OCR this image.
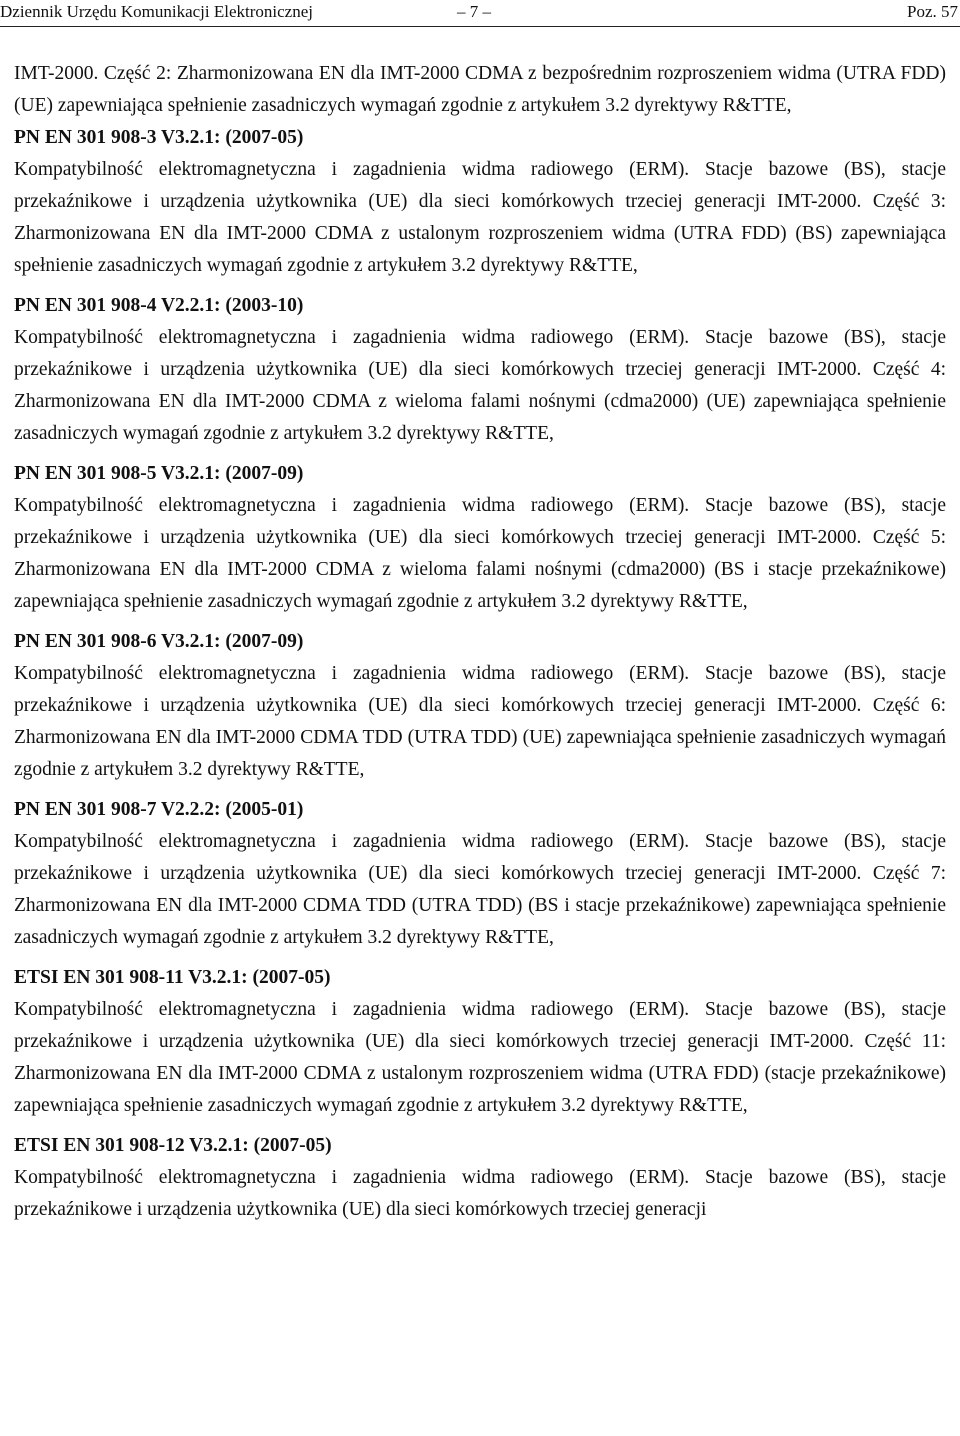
Dziennik Urzędu Komunikacji Elektronicznej	– 7 –	Poz. 57

IMT-2000. Część 2: Zharmonizowana EN dla IMT-2000 CDMA z bezpośrednim rozproszeniem widma (UTRA FDD) (UE) zapewniająca spełnienie zasadniczych wymagań zgodnie z artykułem 3.2 dyrektywy R&TTE,

PN EN 301 908-3 V3.2.1: (2007-05)

Kompatybilność elektromagnetyczna i zagadnienia widma radiowego (ERM). Stacje bazowe (BS), stacje przekaźnikowe i urządzenia użytkownika (UE) dla sieci komórkowych trzeciej generacji IMT-2000. Część 3: Zharmonizowana EN dla IMT-2000 CDMA z ustalonym rozproszeniem widma (UTRA FDD) (BS) zapewniająca spełnienie zasadniczych wymagań zgodnie z artykułem 3.2 dyrektywy R&TTE,

PN EN 301 908-4 V2.2.1: (2003-10)

Kompatybilność elektromagnetyczna i zagadnienia widma radiowego (ERM). Stacje bazowe (BS), stacje przekaźnikowe i urządzenia użytkownika (UE) dla sieci komórkowych trzeciej generacji IMT-2000. Część 4: Zharmonizowana EN dla IMT-2000 CDMA z wieloma falami nośnymi (cdma2000) (UE) zapewniająca spełnienie zasadniczych wymagań zgodnie z artykułem 3.2 dyrektywy R&TTE,

PN EN 301 908-5 V3.2.1: (2007-09)

Kompatybilność elektromagnetyczna i zagadnienia widma radiowego (ERM). Stacje bazowe (BS), stacje przekaźnikowe i urządzenia użytkownika (UE) dla sieci komórkowych trzeciej generacji IMT-2000. Część 5: Zharmonizowana EN dla IMT-2000 CDMA z wieloma falami nośnymi (cdma2000) (BS i stacje przekaźnikowe) zapewniająca spełnienie zasadniczych wymagań zgodnie z artykułem 3.2 dyrektywy R&TTE,

PN EN 301 908-6 V3.2.1: (2007-09)

Kompatybilność elektromagnetyczna i zagadnienia widma radiowego (ERM). Stacje bazowe (BS), stacje przekaźnikowe i urządzenia użytkownika (UE) dla sieci komórkowych trzeciej generacji IMT-2000. Część 6: Zharmonizowana EN dla IMT-2000 CDMA TDD (UTRA TDD) (UE) zapewniająca spełnienie zasadniczych wymagań zgodnie z artykułem 3.2 dyrektywy R&TTE,

PN EN 301 908-7 V2.2.2: (2005-01)

Kompatybilność elektromagnetyczna i zagadnienia widma radiowego (ERM). Stacje bazowe (BS), stacje przekaźnikowe i urządzenia użytkownika (UE) dla sieci komórkowych trzeciej generacji IMT-2000. Część 7: Zharmonizowana EN dla IMT-2000 CDMA TDD (UTRA TDD) (BS i stacje przekaźnikowe) zapewniająca spełnienie zasadniczych wymagań zgodnie z artykułem 3.2 dyrektywy R&TTE,

ETSI EN 301 908-11 V3.2.1: (2007-05)

Kompatybilność elektromagnetyczna i zagadnienia widma radiowego (ERM). Stacje bazowe (BS), stacje przekaźnikowe i urządzenia użytkownika (UE) dla sieci komórkowych trzeciej generacji IMT-2000. Część 11: Zharmonizowana EN dla IMT-2000 CDMA z ustalonym rozproszeniem widma (UTRA FDD) (stacje przekaźnikowe) zapewniająca spełnienie zasadniczych wymagań zgodnie z artykułem 3.2 dyrektywy R&TTE,

ETSI EN 301 908-12 V3.2.1: (2007-05)

Kompatybilność elektromagnetyczna i zagadnienia widma radiowego (ERM). Stacje bazowe (BS), stacje przekaźnikowe i urządzenia użytkownika (UE) dla sieci komórkowych trzeciej generacji
